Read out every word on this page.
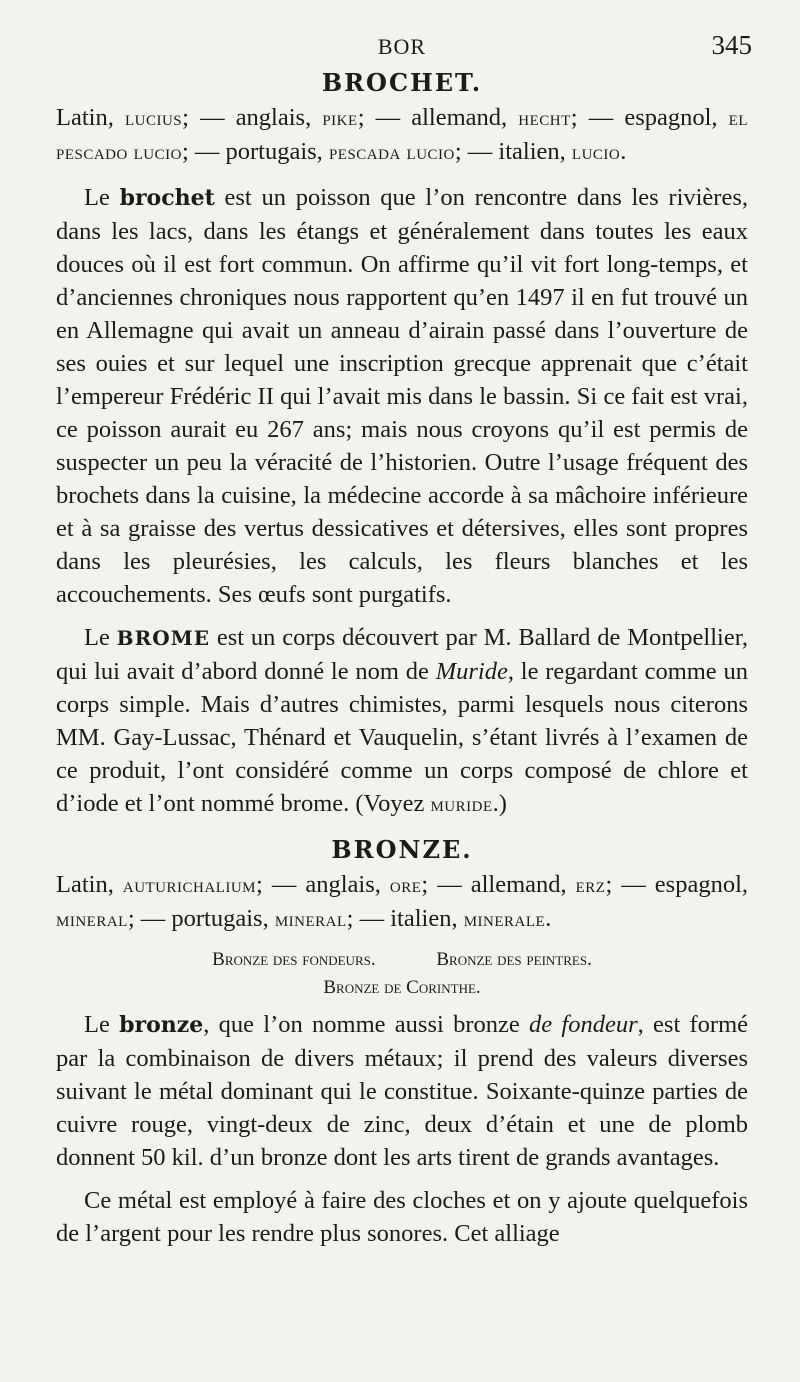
BOR	345
BROCHET.

Latin, lucius; — anglais, pike; — allemand, hecht; — espagnol, el pescado lucio; — portugais, pescada lucio; — italien, lucio.

Le brochet est un poisson que l’on rencontre dans les rivières, dans les lacs, dans les étangs et généralement dans toutes les eaux douces où il est fort commun. On affirme qu’il vit fort long-temps, et d’anciennes chroniques nous rapportent qu’en 1497 il en fut trouvé un en Allemagne qui avait un anneau d’airain passé dans l’ouverture de ses ouies et sur lequel une inscription grecque apprenait que c’était l’empereur Frédéric II qui l’avait mis dans le bassin. Si ce fait est vrai, ce poisson aurait eu 267 ans; mais nous croyons qu’il est permis de suspecter un peu la véracité de l’historien. Outre l’usage fréquent des brochets dans la cuisine, la médecine accorde à sa mâchoire inférieure et à sa graisse des vertus dessicatives et détersives, elles sont propres dans les pleurésies, les calculs, les fleurs blanches et les accouchements. Ses œufs sont purgatifs.

Le BROME est un corps découvert par M. Ballard de Montpellier, qui lui avait d’abord donné le nom de Muride, le regardant comme un corps simple. Mais d’autres chimistes, parmi lesquels nous citerons MM. Gay-Lussac, Thénard et Vauquelin, s’étant livrés à l’examen de ce produit, l’ont considéré comme un corps composé de chlore et d’iode et l’ont nommé brome. (Voyez muride.)

BRONZE.

Latin, auturichalium; — anglais, ore; — allemand, erz; — espagnol, mineral; — portugais, mineral; — italien, minerale.

Bronze des fondeurs.	Bronze des peintres.
Bronze de Corinthe.

Le bronze, que l’on nomme aussi bronze de fondeur, est formé par la combinaison de divers métaux; il prend des valeurs diverses suivant le métal dominant qui le constitue. Soixante-quinze parties de cuivre rouge, vingt-deux de zinc, deux d’étain et une de plomb donnent 50 kil. d’un bronze dont les arts tirent de grands avantages.

Ce métal est employé à faire des cloches et on y ajoute quelquefois de l’argent pour les rendre plus sonores. Cet alliage
